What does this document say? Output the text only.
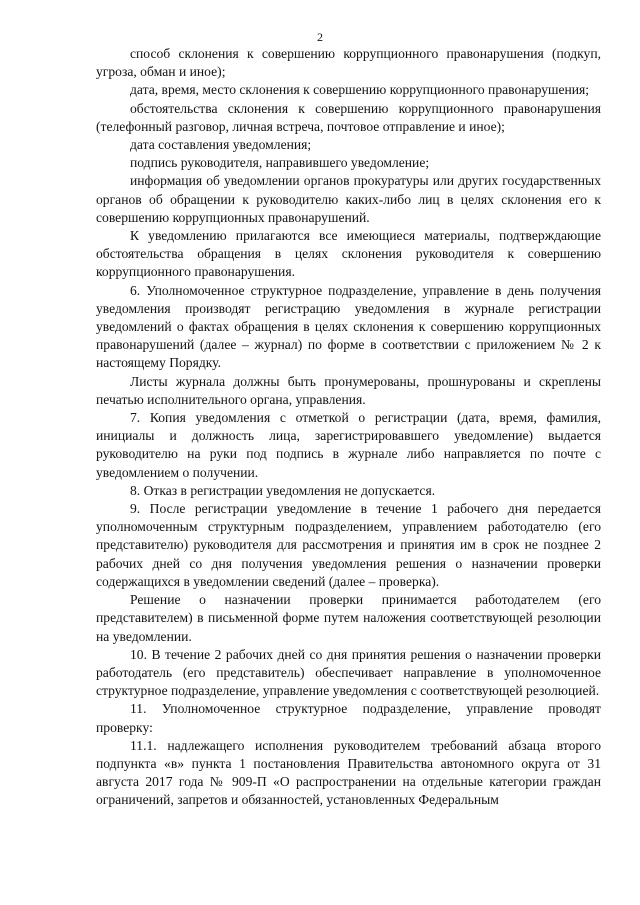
2

способ склонения к совершению коррупционного правонарушения (подкуп, угроза, обман и иное);

дата, время, место склонения к совершению коррупционного правонарушения;

обстоятельства склонения к совершению коррупционного правонарушения (телефонный разговор, личная встреча, почтовое отправление и иное);

дата составления уведомления;

подпись руководителя, направившего уведомление;

информация об уведомлении органов прокуратуры или других государственных органов об обращении к руководителю каких-либо лиц в целях склонения его к совершению коррупционных правонарушений.

К уведомлению прилагаются все имеющиеся материалы, подтверждающие обстоятельства обращения в целях склонения руководителя к совершению коррупционного правонарушения.

6. Уполномоченное структурное подразделение, управление в день получения уведомления производят регистрацию уведомления в журнале регистрации уведомлений о фактах обращения в целях склонения к совершению коррупционных правонарушений (далее – журнал) по форме в соответствии с приложением № 2 к настоящему Порядку.

Листы журнала должны быть пронумерованы, прошнурованы и скреплены печатью исполнительного органа, управления.

7. Копия уведомления с отметкой о регистрации (дата, время, фамилия, инициалы и должность лица, зарегистрировавшего уведомление) выдается руководителю на руки под подпись в журнале либо направляется по почте с уведомлением о получении.

8. Отказ в регистрации уведомления не допускается.

9. После регистрации уведомление в течение 1 рабочего дня передается уполномоченным структурным подразделением, управлением работодателю (его представителю) руководителя для рассмотрения и принятия им в срок не позднее 2 рабочих дней со дня получения уведомления решения о назначении проверки содержащихся в уведомлении сведений (далее – проверка).

Решение о назначении проверки принимается работодателем (его представителем) в письменной форме путем наложения соответствующей резолюции на уведомлении.

10. В течение 2 рабочих дней со дня принятия решения о назначении проверки работодатель (его представитель) обеспечивает направление в уполномоченное структурное подразделение, управление уведомления с соответствующей резолюцией.

11. Уполномоченное структурное подразделение, управление проводят проверку:

11.1. надлежащего исполнения руководителем требований абзаца второго подпункта «в» пункта 1 постановления Правительства автономного округа от 31 августа 2017 года № 909-П «О распространении на отдельные категории граждан ограничений, запретов и обязанностей, установленных Федеральным
